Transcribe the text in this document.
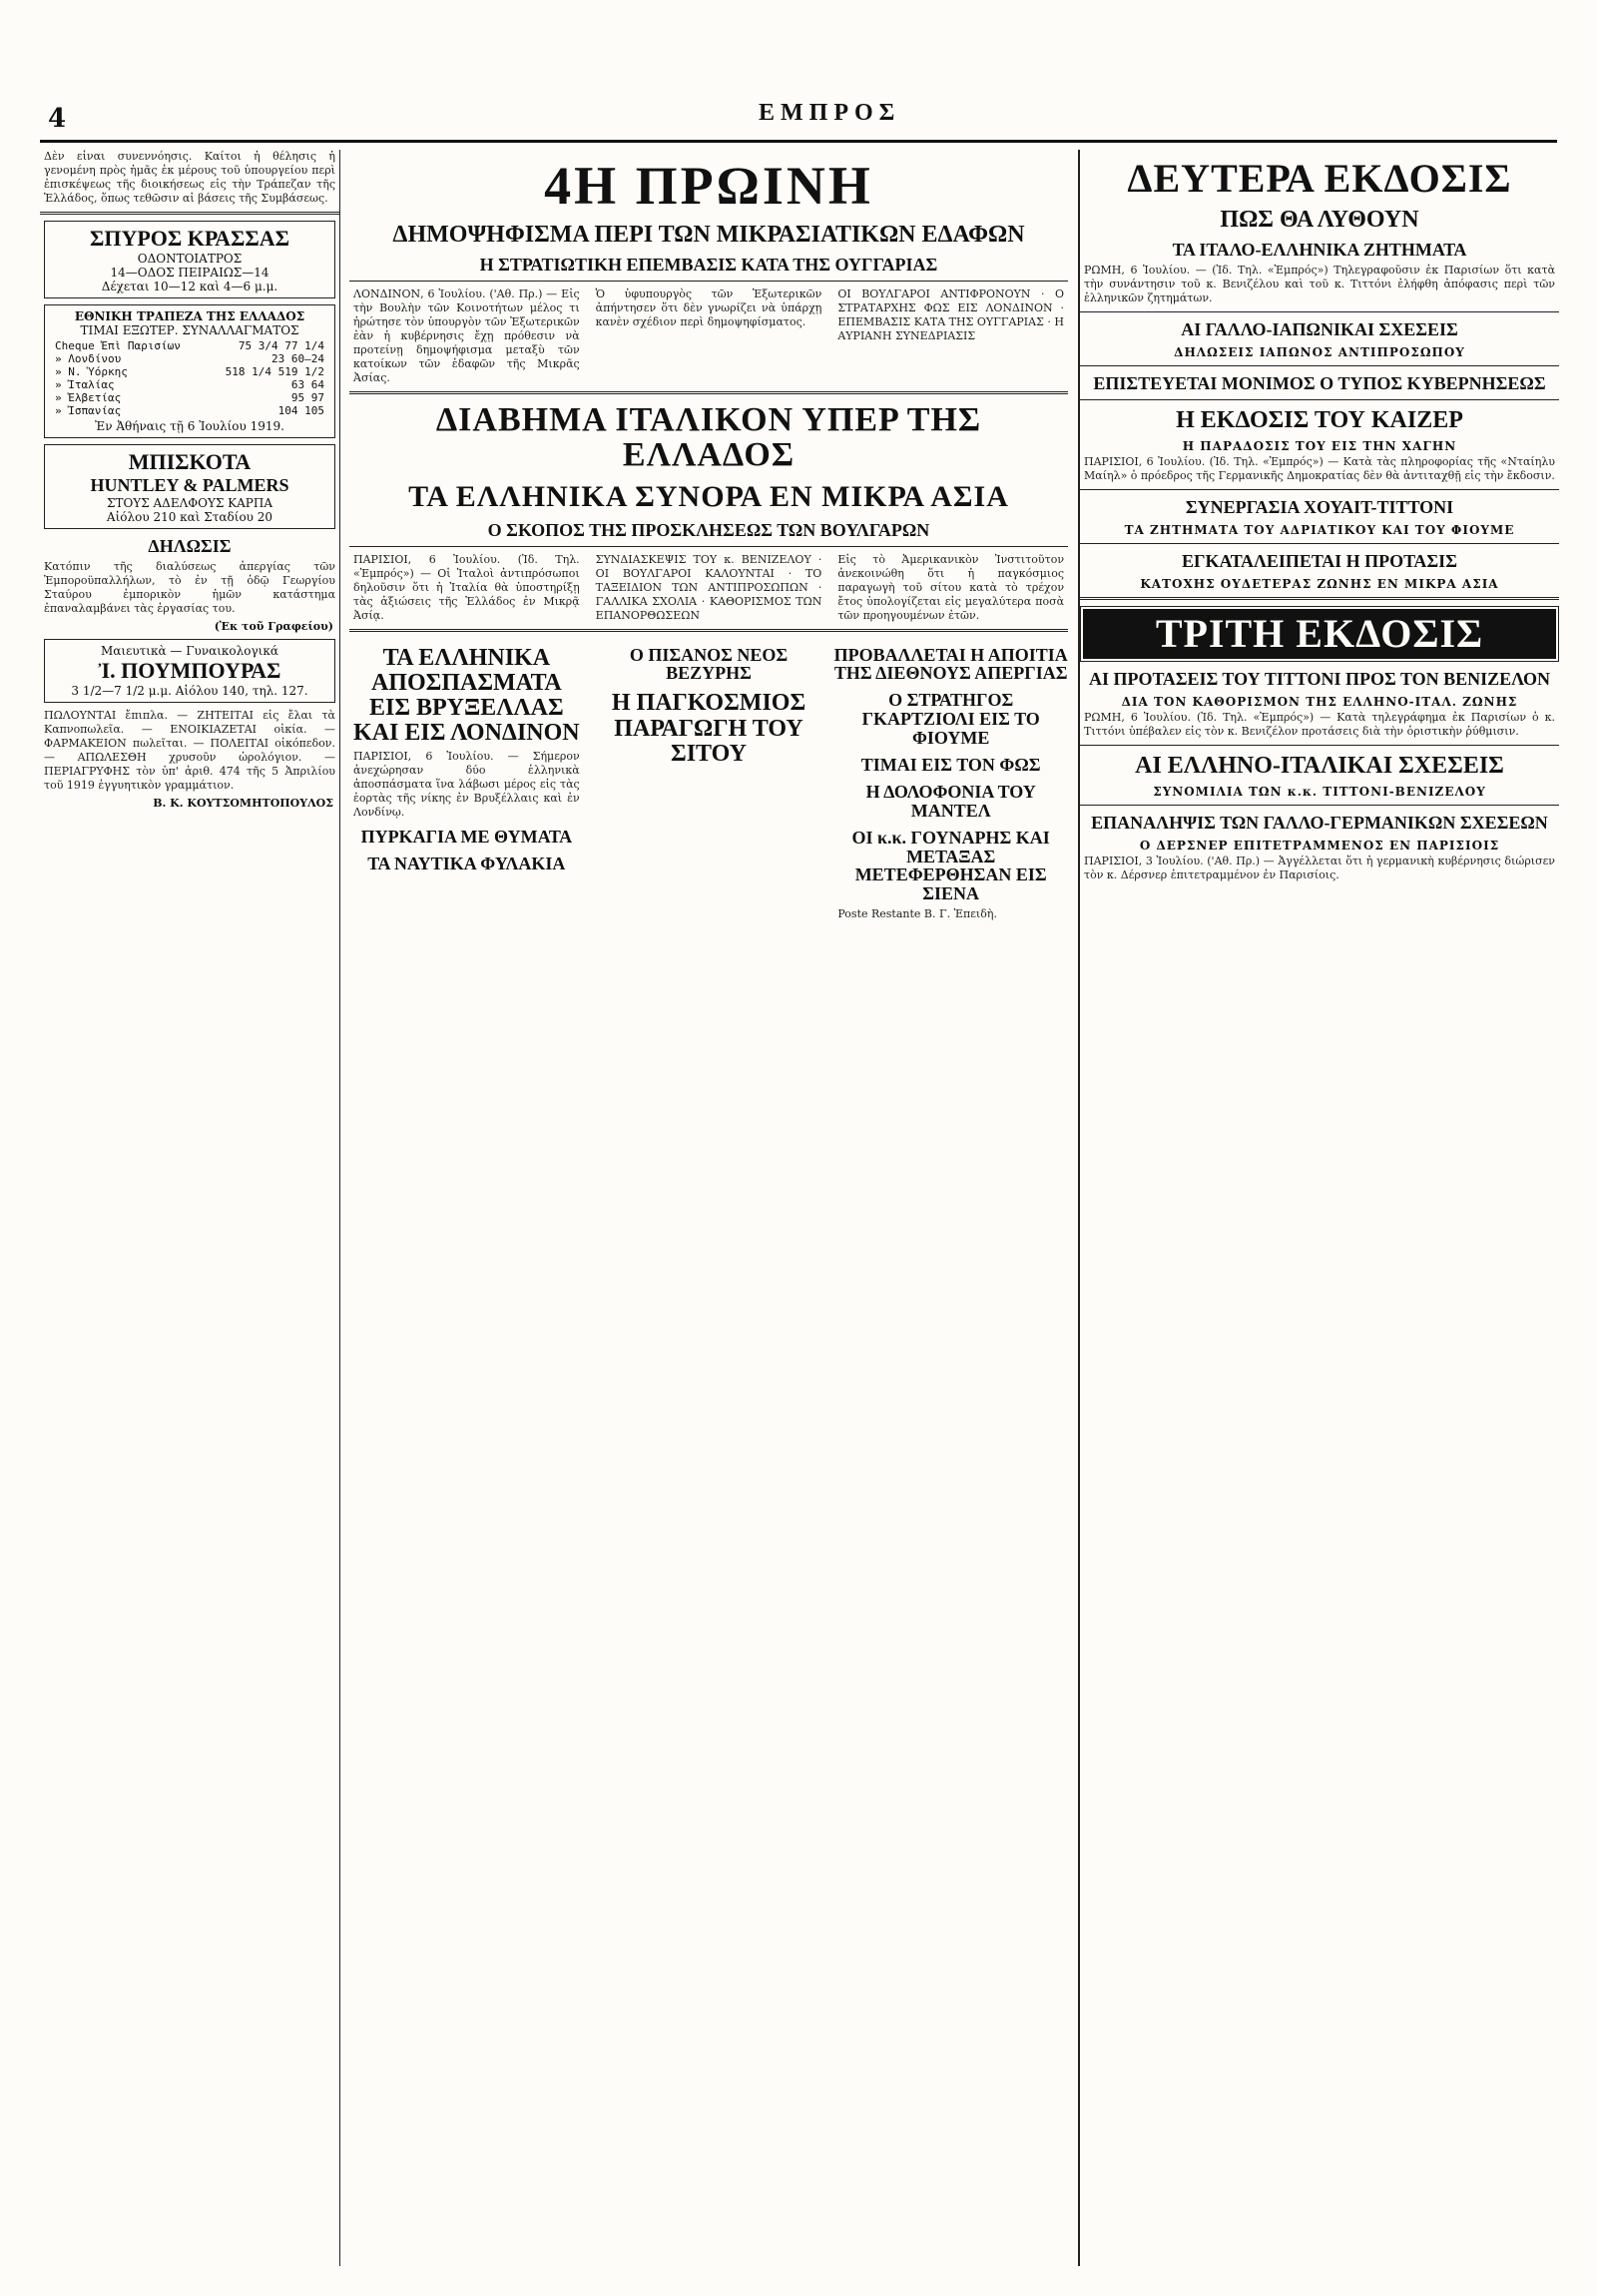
4	ΕΜΠΡΟΣ

Δὲν εἶναι συνεννόησις. Καίτοι ἡ θέλησις ἡ γενομένη πρὸς ἡμᾶς ἐκ μέρους τοῦ ὑπουργείου περὶ ἐπισκέψεως τῆς διοικήσεως εἰς τὴν Τράπεζαν τῆς Ἑλλάδος, ὅπως τεθῶσιν αἱ βάσεις τῆς Συμβάσεως.

ΣΠΥΡΟΣ ΚΡΑΣΣΑΣ
ΟΔΟΝΤΟΙΑΤΡΟΣ
14—ΟΔΟΣ ΠΕΙΡΑΙΩΣ—14
Δέχεται 10—12 καὶ 4—6 μ.μ.
ΕΘΝΙΚΗ ΤΡΑΠΕΖΑ ΤΗΣ ΕΛΛΑΔΟΣ
ΤΙΜΑΙ ΕΞΩΤΕΡ. ΣΥΝΑΛΛΑΓΜΑΤΟΣ
Cheque Ἐπὶ Παρισίων	75 3/4 77 1/4
» Λονδίνου	23 60—24
» Ν. Ὑόρκης	518 1/4 519 1/2
» Ἰταλίας	63 64
» Ἑλβετίας	95 97
» Ἰσπανίας	104 105
Ἐν Ἀθήναις τῇ 6 Ἰουλίου 1919.
ΜΠΙΣΚΟΤΑ
HUNTLEY & PALMERS
ΣΤΟΥΣ ΑΔΕΛΦΟΥΣ ΚΑΡΠΑ
Αἰόλου 210 καὶ Σταδίου 20
ΔΗΛΩΣΙΣ

Κατόπιν τῆς διαλύσεως ἀπεργίας τῶν Ἐμποροϋπαλλήλων, τὸ ἐν τῇ ὁδῷ Γεωργίου Σταύρου ἐμπορικὸν ἡμῶν κατάστημα ἐπαναλαμβάνει τὰς ἐργασίας του.

(Ἐκ τοῦ Γραφείου)
Μαιευτικὰ — Γυναικολογικά
Ἰ. ΠΟΥΜΠΟΥΡΑΣ
3 1/2—7 1/2 μ.μ. Αἰόλου 140, τηλ. 127.

ΠΩΛΟΥΝΤΑΙ ἔπιπλα. — ΖΗΤΕΙΤΑΙ εἰς ἔλαι τὰ Καπνοπωλεῖα. — ΕΝΟΙΚΙΑΖΕΤΑΙ οἰκία. — ΦΑΡΜΑΚΕΙΟΝ πωλεῖται. — ΠΟΛΕΙΤΑΙ οἰκόπεδον. — ΑΠΩΛΕΣΘΗ χρυσοῦν ὡρολόγιον. — ΠΕΡΙΑΓΡΥΦΗΣ τὸν ὑπ' ἀριθ. 474 τῆς 5 Ἀπριλίου τοῦ 1919 ἐγγυητικὸν γραμμάτιον.

Β. Κ. ΚΟΥΤΣΟΜΗΤΟΠΟΥΛΟΣ
4Η ΠΡΩΙΝΗ
ΔΗΜΟΨΗΦΙΣΜΑ ΠΕΡΙ ΤΩΝ ΜΙΚΡΑΣΙΑΤΙΚΩΝ ΕΔΑΦΩΝ
Η ΣΤΡΑΤΙΩΤΙΚΗ ΕΠΕΜΒΑΣΙΣ ΚΑΤΑ ΤΗΣ ΟΥΓΓΑΡΙΑΣ

ΛΟΝΔΙΝΟΝ, 6 Ἰουλίου. ('Αθ. Πρ.) — Εἰς τὴν Βουλὴν τῶν Κοινοτήτων μέλος τι ἠρώτησε τὸν ὑπουργὸν τῶν Ἐξωτερικῶν ἐὰν ἡ κυβέρνησις ἔχῃ πρόθεσιν νὰ προτείνῃ δημοψήφισμα μεταξὺ τῶν κατοίκων τῶν ἐδαφῶν τῆς Μικρᾶς Ἀσίας.

Ὁ ὑφυπουργὸς τῶν Ἐξωτερικῶν ἀπήντησεν ὅτι δὲν γνωρίζει νὰ ὑπάρχῃ κανὲν σχέδιον περὶ δημοψηφίσματος.

ΟΙ ΒΟΥΛΓΑΡΟΙ ΑΝΤΙΦΡΟΝΟΥΝ · Ο ΣΤΡΑΤΑΡΧΗΣ ΦΩΣ ΕΙΣ ΛΟΝΔΙΝΟΝ · ΕΠΕΜΒΑΣΙΣ ΚΑΤΑ ΤΗΣ ΟΥΓΓΑΡΙΑΣ · Η ΑΥΡΙΑΝΗ ΣΥΝΕΔΡΙΑΣΙΣ

ΔΙΑΒΗΜΑ ΙΤΑΛΙΚΟΝ ΥΠΕΡ ΤΗΣ ΕΛΛΑΔΟΣ
ΤΑ ΕΛΛΗΝΙΚΑ ΣΥΝΟΡΑ ΕΝ ΜΙΚΡΑ ΑΣΙΑ
Ο ΣΚΟΠΟΣ ΤΗΣ ΠΡΟΣΚΛΗΣΕΩΣ ΤΩΝ ΒΟΥΛΓΑΡΩΝ

ΠΑΡΙΣΙΟΙ, 6 Ἰουλίου. (Ἰδ. Τηλ. «Ἐμπρός») — Οἱ Ἰταλοὶ ἀντιπρόσωποι δηλοῦσιν ὅτι ἡ Ἰταλία θὰ ὑποστηρίξῃ τὰς ἀξιώσεις τῆς Ἑλλάδος ἐν Μικρᾷ Ἀσίᾳ.

ΣΥΝΔΙΑΣΚΕΨΙΣ ΤΟΥ κ. ΒΕΝΙΖΕΛΟΥ · ΟΙ ΒΟΥΛΓΑΡΟΙ ΚΑΛΟΥΝΤΑΙ · ΤΟ ΤΑΞΕΙΔΙΟΝ ΤΩΝ ΑΝΤΙΠΡΟΣΩΠΩΝ · ΓΑΛΛΙΚΑ ΣΧΟΛΙΑ · ΚΑΘΟΡΙΣΜΟΣ ΤΩΝ ΕΠΑΝΟΡΘΩΣΕΩΝ

Εἰς τὸ Ἀμερικανικὸν Ἰνστιτοῦτον ἀνεκοινώθη ὅτι ἡ παγκόσμιος παραγωγὴ τοῦ σίτου κατὰ τὸ τρέχον ἔτος ὑπολογίζεται εἰς μεγαλύτερα ποσὰ τῶν προηγουμένων ἐτῶν.

ΤΑ ΕΛΛΗΝΙΚΑ ΑΠΟΣΠΑΣΜΑΤΑ ΕΙΣ ΒΡΥΞΕΛΛΑΣ ΚΑΙ ΕΙΣ ΛΟΝΔΙΝΟΝ

ΠΑΡΙΣΙΟΙ, 6 Ἰουλίου. — Σήμερον ἀνεχώρησαν δύο ἑλληνικὰ ἀποσπάσματα ἵνα λάβωσι μέρος εἰς τὰς ἑορτὰς τῆς νίκης ἐν Βρυξέλλαις καὶ ἐν Λονδίνῳ.

ΠΥΡΚΑΓΙΑ ΜΕ ΘΥΜΑΤΑ
ΤΑ ΝΑΥΤΙΚΑ ΦΥΛΑΚΙΑ
Ο ΠΙΣΑΝΟΣ ΝΕΟΣ ΒΕΖΥΡΗΣ
Η ΠΑΓΚΟΣΜΙΟΣ ΠΑΡΑΓΩΓΗ ΤΟΥ ΣΙΤΟΥ
ΠΡΟΒΑΛΛΕΤΑΙ Η ΑΠΟΙΤΙΑ ΤΗΣ ΔΙΕΘΝΟΥΣ ΑΠΕΡΓΙΑΣ
Ο ΣΤΡΑΤΗΓΟΣ ΓΚΑΡΤΖΙΟΛΙ ΕΙΣ ΤΟ ΦΙΟΥΜΕ
ΤΙΜΑΙ ΕΙΣ ΤΟΝ ΦΩΣ
Η ΔΟΛΟΦΟΝΙΑ ΤΟΥ ΜΑΝΤΕΛ
ΟΙ κ.κ. ΓΟΥΝΑΡΗΣ ΚΑΙ ΜΕΤΑΞΑΣ ΜΕΤΕΦΕΡΘΗΣΑΝ ΕΙΣ ΣΙΕΝΑ

Poste Restante B. Γ. Ἐπειδὴ.

ΔΕΥΤΕΡΑ ΕΚΔΟΣΙΣ
ΠΩΣ ΘΑ ΛΥΘΟΥΝ
ΤΑ ΙΤΑΛΟ-ΕΛΛΗΝΙΚΑ ΖΗΤΗΜΑΤΑ

ΡΩΜΗ, 6 Ἰουλίου. — (Ἰδ. Τηλ. «Ἐμπρός») Τηλεγραφοῦσιν ἐκ Παρισίων ὅτι κατὰ τὴν συνάντησιν τοῦ κ. Βενιζέλου καὶ τοῦ κ. Τιττόνι ἐλήφθη ἀπόφασις περὶ τῶν ἑλληνικῶν ζητημάτων.

ΑΙ ΓΑΛΛΟ-ΙΑΠΩΝΙΚΑΙ ΣΧΕΣΕΙΣ
ΔΗΛΩΣΕΙΣ ΙΑΠΩΝΟΣ ΑΝΤΙΠΡΟΣΩΠΟΥ
ΕΠΙΣΤΕΥΕΤΑΙ ΜΟΝΙΜΟΣ Ο ΤΥΠΟΣ ΚΥΒΕΡΝΗΣΕΩΣ
Η ΕΚΔΟΣΙΣ ΤΟΥ ΚΑΙΖΕΡ
Η ΠΑΡΑΔΟΣΙΣ ΤΟΥ ΕΙΣ ΤΗΝ ΧΑΓΗΝ

ΠΑΡΙΣΙΟΙ, 6 Ἰουλίου. (Ἰδ. Τηλ. «Ἐμπρός») — Κατὰ τὰς πληροφορίας τῆς «Νταίηλυ Μαίηλ» ὁ πρόεδρος τῆς Γερμανικῆς Δημοκρατίας δὲν θὰ ἀντιταχθῇ εἰς τὴν ἔκδοσιν.

ΣΥΝΕΡΓΑΣΙΑ ΧΟΥΑΙΤ-ΤΙΤΤΟΝΙ
ΤΑ ΖΗΤΗΜΑΤΑ ΤΟΥ ΑΔΡΙΑΤΙΚΟΥ ΚΑΙ ΤΟΥ ΦΙΟΥΜΕ
ΕΓΚΑΤΑΛΕΙΠΕΤΑΙ Η ΠΡΟΤΑΣΙΣ
ΚΑΤΟΧΗΣ ΟΥΔΕΤΕΡΑΣ ΖΩΝΗΣ ΕΝ ΜΙΚΡΑ ΑΣΙΑ
ΤΡΙΤΗ ΕΚΔΟΣΙΣ
ΑΙ ΠΡΟΤΑΣΕΙΣ ΤΟΥ ΤΙΤΤΟΝΙ ΠΡΟΣ ΤΟΝ ΒΕΝΙΖΕΛΟΝ
ΔΙΑ ΤΟΝ ΚΑΘΟΡΙΣΜΟΝ ΤΗΣ ΕΛΛΗΝΟ-ΙΤΑΛ. ΖΩΝΗΣ

ΡΩΜΗ, 6 Ἰουλίου. (Ἰδ. Τηλ. «Ἐμπρός») — Κατὰ τηλεγράφημα ἐκ Παρισίων ὁ κ. Τιττόνι ὑπέβαλεν εἰς τὸν κ. Βενιζέλον προτάσεις διὰ τὴν ὁριστικὴν ῥύθμισιν.

ΑΙ ΕΛΛΗΝΟ-ΙΤΑΛΙΚΑΙ ΣΧΕΣΕΙΣ
ΣΥΝΟΜΙΛΙΑ ΤΩΝ κ.κ. ΤΙΤΤΟΝΙ-ΒΕΝΙΖΕΛΟΥ
ΕΠΑΝΑΛΗΨΙΣ ΤΩΝ ΓΑΛΛΟ-ΓΕΡΜΑΝΙΚΩΝ ΣΧΕΣΕΩΝ
Ο ΔΕΡΣΝΕΡ ΕΠΙΤΕΤΡΑΜΜΕΝΟΣ ΕΝ ΠΑΡΙΣΙΟΙΣ

ΠΑΡΙΣΙΟΙ, 3 Ἰουλίου. ('Αθ. Πρ.) — Ἀγγέλλεται ὅτι ἡ γερμανικὴ κυβέρνησις διώρισεν τὸν κ. Δέρσνερ ἐπιτετραμμένον ἐν Παρισίοις.
